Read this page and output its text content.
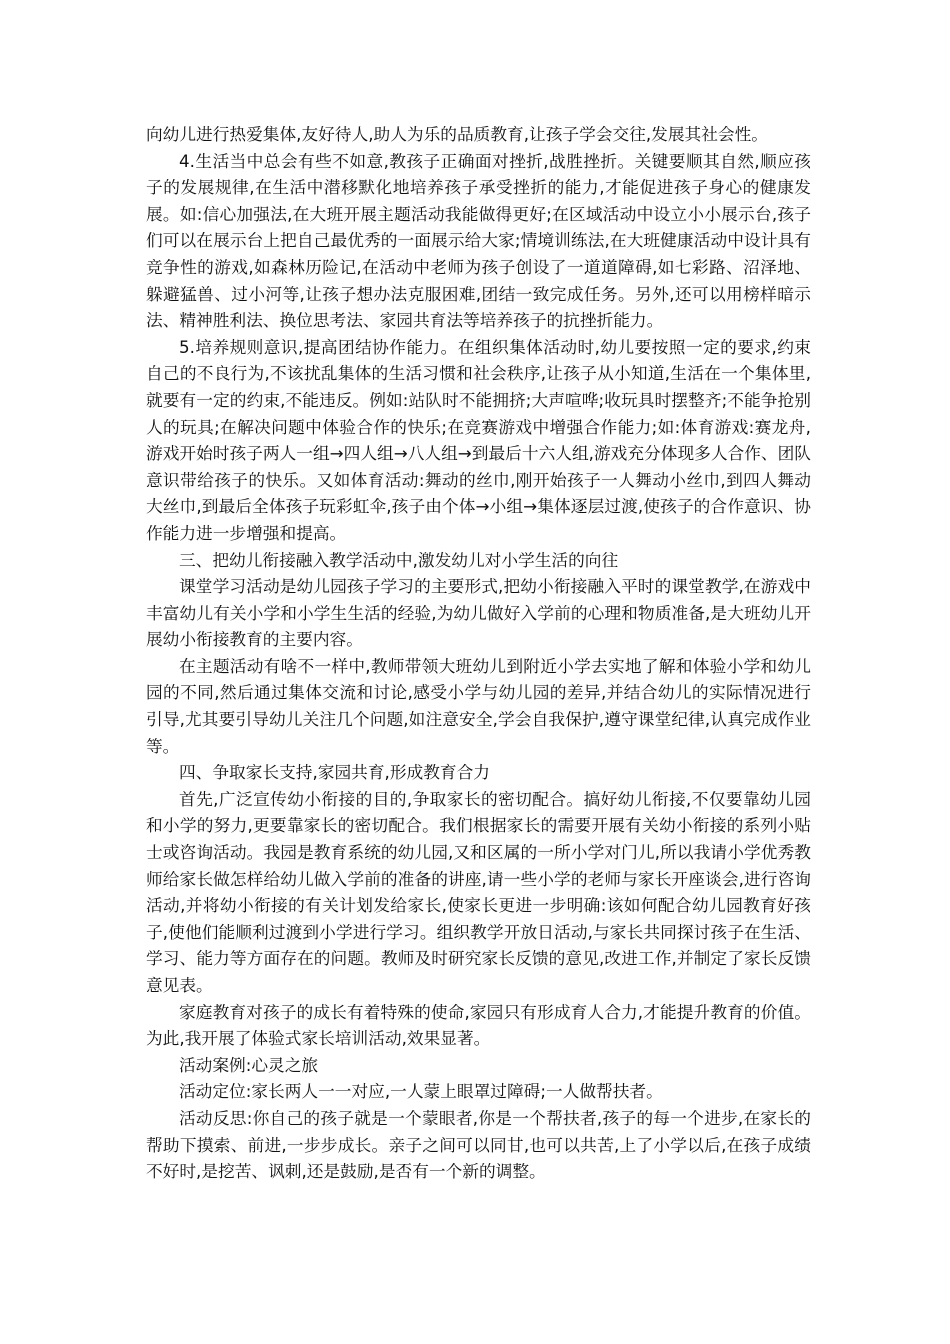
向幼儿进行热爱集体,友好待人,助人为乐的品质教育,让孩子学会交往,发展其社会性。

4.生活当中总会有些不如意,教孩子正确面对挫折,战胜挫折。关键要顺其自然,顺应孩子的发展规律,在生活中潜移默化地培养孩子承受挫折的能力,才能促进孩子身心的健康发展。如:信心加强法,在大班开展主题活动我能做得更好;在区域活动中设立小小展示台,孩子们可以在展示台上把自己最优秀的一面展示给大家;情境训练法,在大班健康活动中设计具有竞争性的游戏,如森林历险记,在活动中老师为孩子创设了一道道障碍,如七彩路、沼泽地、躲避猛兽、过小河等,让孩子想办法克服困难,团结一致完成任务。另外,还可以用榜样暗示法、精神胜利法、换位思考法、家园共育法等培养孩子的抗挫折能力。

5.培养规则意识,提高团结协作能力。在组织集体活动时,幼儿要按照一定的要求,约束自己的不良行为,不该扰乱集体的生活习惯和社会秩序,让孩子从小知道,生活在一个集体里,就要有一定的约束,不能违反。例如:站队时不能拥挤;大声喧哗;收玩具时摆整齐;不能争抢别人的玩具;在解决问题中体验合作的快乐;在竞赛游戏中增强合作能力;如:体育游戏:赛龙舟,游戏开始时孩子两人一组→四人组→八人组→到最后十六人组,游戏充分体现多人合作、团队意识带给孩子的快乐。又如体育活动:舞动的丝巾,刚开始孩子一人舞动小丝巾,到四人舞动大丝巾,到最后全体孩子玩彩虹伞,孩子由个体→小组→集体逐层过渡,使孩子的合作意识、协作能力进一步增强和提高。

三、把幼儿衔接融入教学活动中,激发幼儿对小学生活的向往

课堂学习活动是幼儿园孩子学习的主要形式,把幼小衔接融入平时的课堂教学,在游戏中丰富幼儿有关小学和小学生生活的经验,为幼儿做好入学前的心理和物质准备,是大班幼儿开展幼小衔接教育的主要内容。

在主题活动有啥不一样中,教师带领大班幼儿到附近小学去实地了解和体验小学和幼儿园的不同,然后通过集体交流和讨论,感受小学与幼儿园的差异,并结合幼儿的实际情况进行引导,尤其要引导幼儿关注几个问题,如注意安全,学会自我保护,遵守课堂纪律,认真完成作业等。

四、争取家长支持,家园共育,形成教育合力

首先,广泛宣传幼小衔接的目的,争取家长的密切配合。搞好幼儿衔接,不仅要靠幼儿园和小学的努力,更要靠家长的密切配合。我们根据家长的需要开展有关幼小衔接的系列小贴士或咨询活动。我园是教育系统的幼儿园,又和区属的一所小学对门儿,所以我请小学优秀教师给家长做怎样给幼儿做入学前的准备的讲座,请一些小学的老师与家长开座谈会,进行咨询活动,并将幼小衔接的有关计划发给家长,使家长更进一步明确:该如何配合幼儿园教育好孩子,使他们能顺利过渡到小学进行学习。组织教学开放日活动,与家长共同探讨孩子在生活、学习、能力等方面存在的问题。教师及时研究家长反馈的意见,改进工作,并制定了家长反馈意见表。

家庭教育对孩子的成长有着特殊的使命,家园只有形成育人合力,才能提升教育的价值。为此,我开展了体验式家长培训活动,效果显著。

活动案例:心灵之旅

活动定位:家长两人一一对应,一人蒙上眼罩过障碍;一人做帮扶者。

活动反思:你自己的孩子就是一个蒙眼者,你是一个帮扶者,孩子的每一个进步,在家长的帮助下摸索、前进,一步步成长。亲子之间可以同甘,也可以共苦,上了小学以后,在孩子成绩不好时,是挖苦、讽刺,还是鼓励,是否有一个新的调整。
